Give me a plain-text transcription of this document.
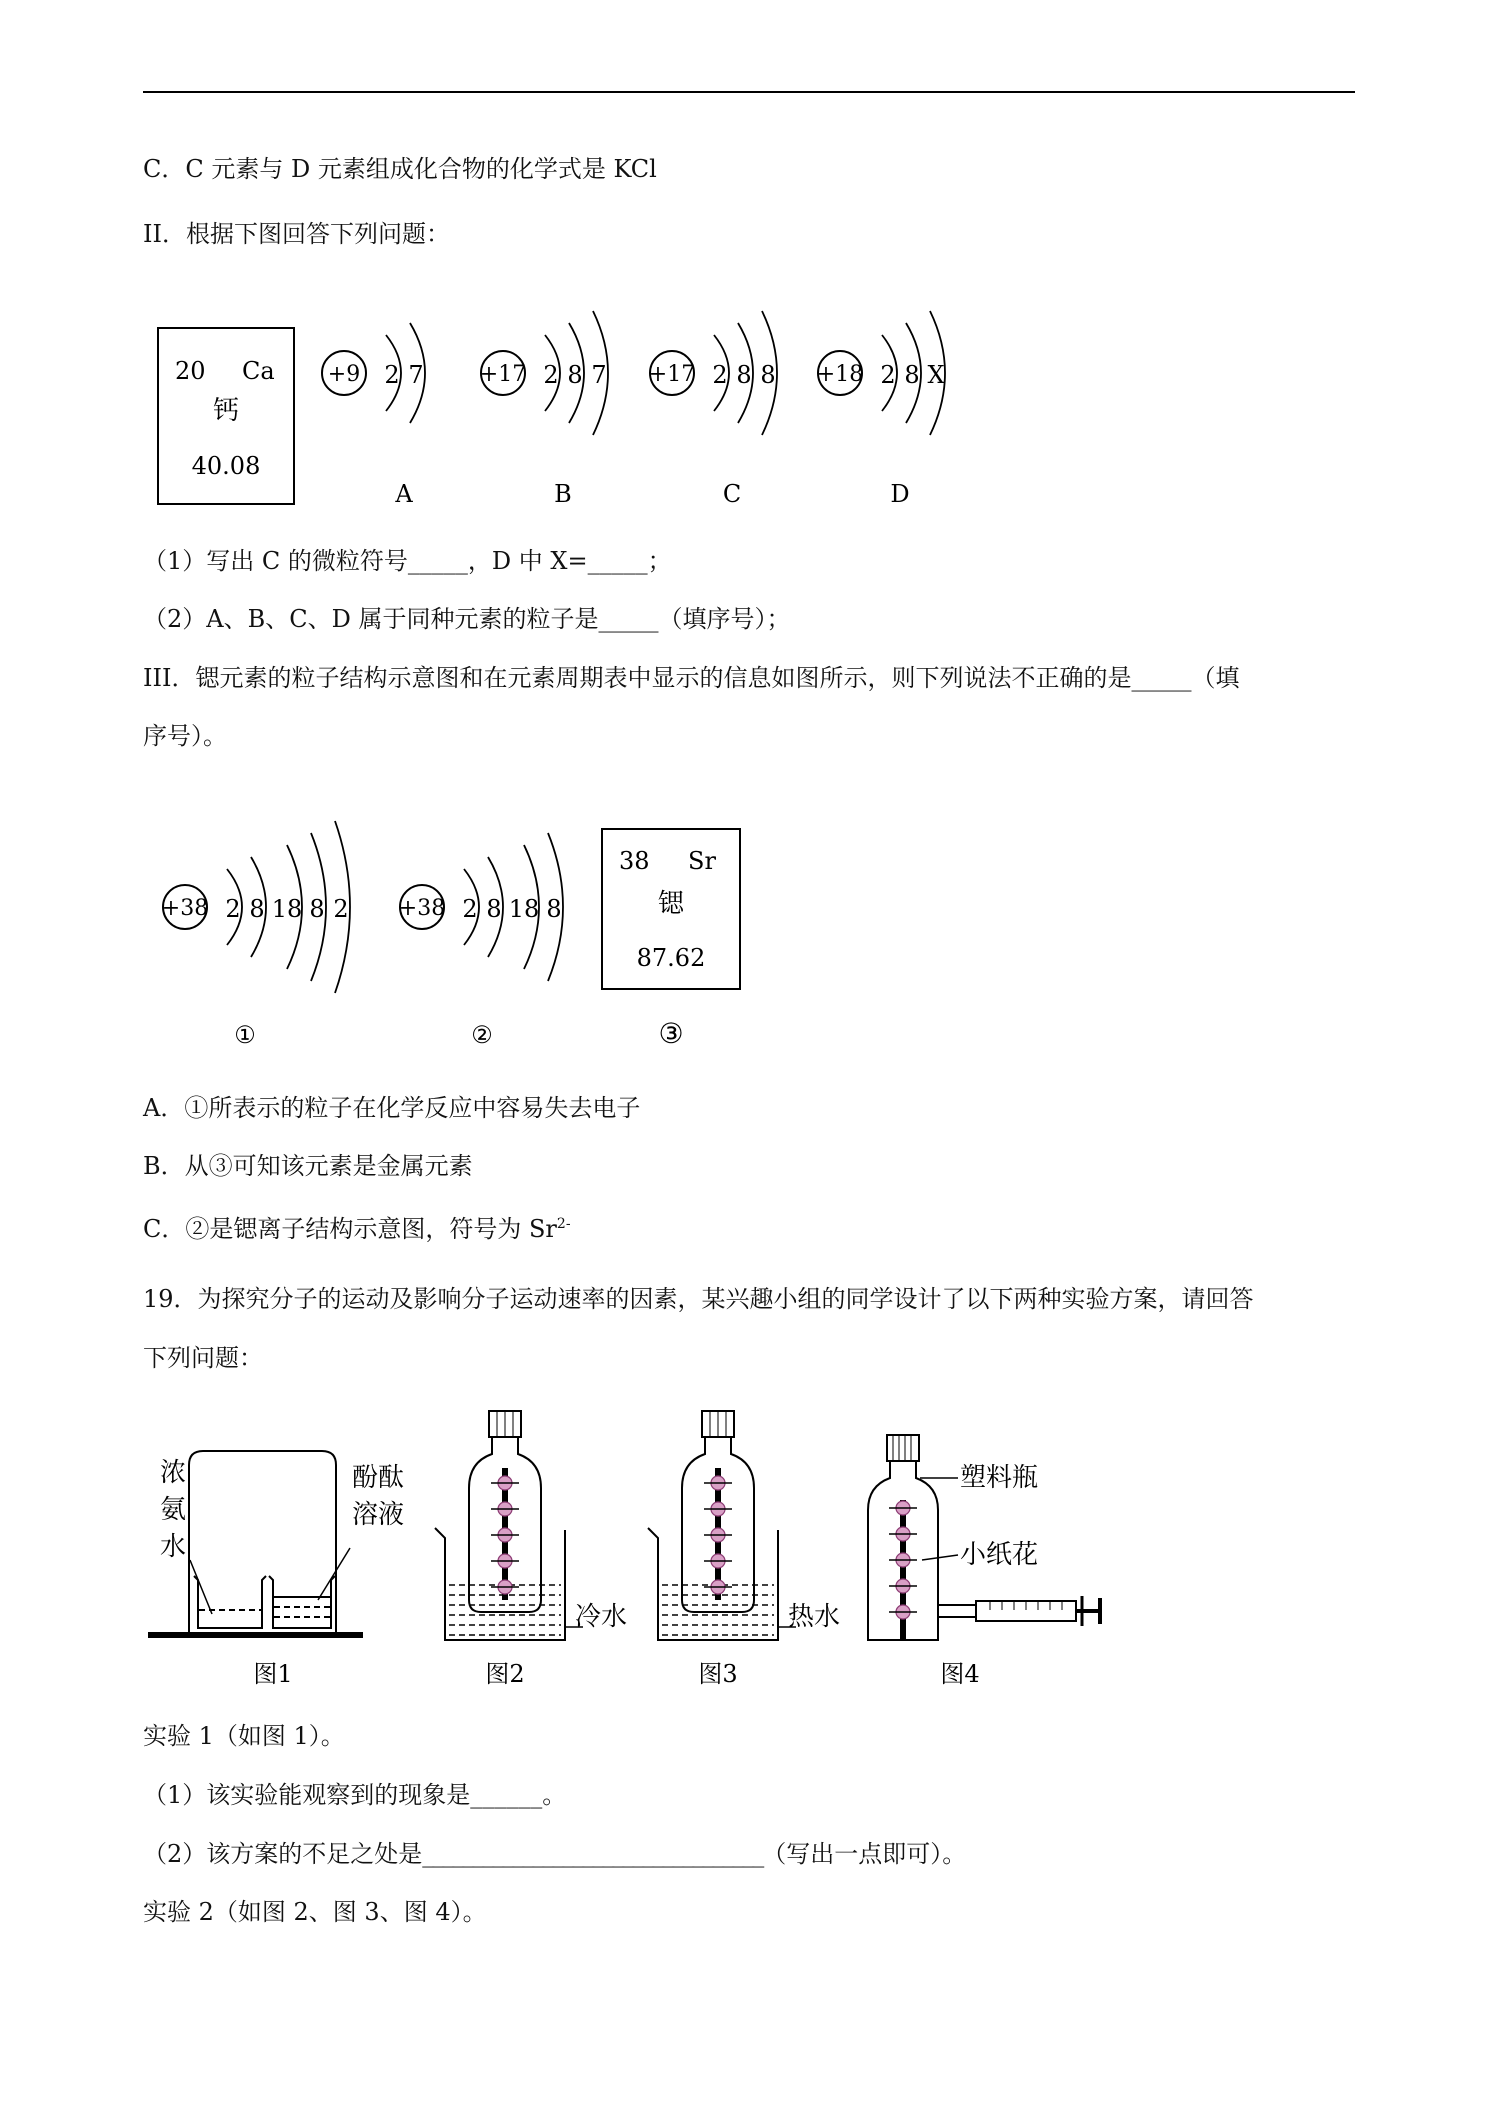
C．C 元素与 D 元素组成化合物的化学式是 KCl
II．根据下图回答下列问题：
20 Ca
钙
40.08
+9 2 7
A
+17 2 8 7
B
+17 2 8 8
C
+18 2 8 X
D
（1）写出 C 的微粒符号_____，D 中 X=_____；
（2）A、B、C、D 属于同种元素的粒子是_____（填序号）；
III．锶元素的粒子结构示意图和在元素周期表中显示的信息如图所示，则下列说法不正确的是_____（填
序号）。
+38 2 8 18 8 2
①
+38 2 8 18 8
②
38 Sr
锶
87.62
③
A．①所表示的粒子在化学反应中容易失去电子
B．从③可知该元素是金属元素
C．②是锶离子结构示意图，符号为 $Sr^{2-}$
19．为探究分子的运动及影响分子运动速率的因素，某兴趣小组的同学设计了以下两种实验方案，请回答
下列问题：
浓
氨
水
酚酞
溶液
塑料瓶
小纸花
冷水	热水
图1	图2	图3	图4
实验 1（如图 1）。
（1）该实验能观察到的现象是______。
（2）该方案的不足之处是__________________________________（写出一点即可）。
实验 2（如图 2、图 3、图 4）。
